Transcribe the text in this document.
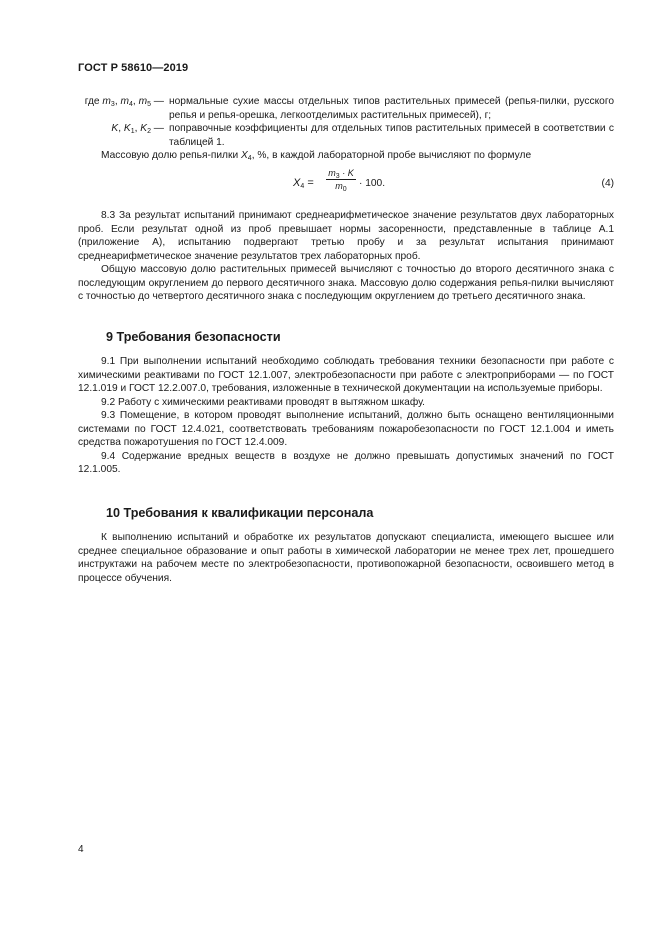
ГОСТ Р 58610—2019
где $m_3$, $m_4$, $m_5$ — нормальные сухие массы отдельных типов растительных примесей (репья-пилки, русского репья и репья-орешка, легкоотделимых растительных примесей), г;
K, $K_1$, $K_2$ — поправочные коэффициенты для отдельных типов растительных примесей в соответствии с таблицей 1.

Массовую долю репья-пилки $X_4$, %, в каждой лабораторной пробе вычисляют по формуле

$X_4 = \frac{m_3 \cdot K}{m_0} \cdot 100$.	(4)

8.3 За результат испытаний принимают среднеарифметическое значение результатов двух лабораторных проб. Если результат одной из проб превышает нормы засоренности, представленные в таблице А.1 (приложение А), испытанию подвергают третью пробу и за результат испытания принимают среднеарифметическое значение результатов трех лабораторных проб.

Общую массовую долю растительных примесей вычисляют с точностью до второго десятичного знака с последующим округлением до первого десятичного знака. Массовую долю содержания репья-пилки вычисляют с точностью до четвертого десятичного знака с последующим округлением до третьего десятичного знака.

9 Требования безопасности

9.1 При выполнении испытаний необходимо соблюдать требования техники безопасности при работе с химическими реактивами по ГОСТ 12.1.007, электробезопасности при работе с электроприборами — по ГОСТ 12.1.019 и ГОСТ 12.2.007.0, требования, изложенные в технической документации на используемые приборы.

9.2 Работу с химическими реактивами проводят в вытяжном шкафу.

9.3 Помещение, в котором проводят выполнение испытаний, должно быть оснащено вентиляционными системами по ГОСТ 12.4.021, соответствовать требованиям пожаробезопасности по ГОСТ 12.1.004 и иметь средства пожаротушения по ГОСТ 12.4.009.

9.4 Содержание вредных веществ в воздухе не должно превышать допустимых значений по ГОСТ 12.1.005.

10 Требования к квалификации персонала

К выполнению испытаний и обработке их результатов допускают специалиста, имеющего высшее или среднее специальное образование и опыт работы в химической лаборатории не менее трех лет, прошедшего инструктажи на рабочем месте по электробезопасности, противопожарной безопасности, освоившего метод в процессе обучения.

4
